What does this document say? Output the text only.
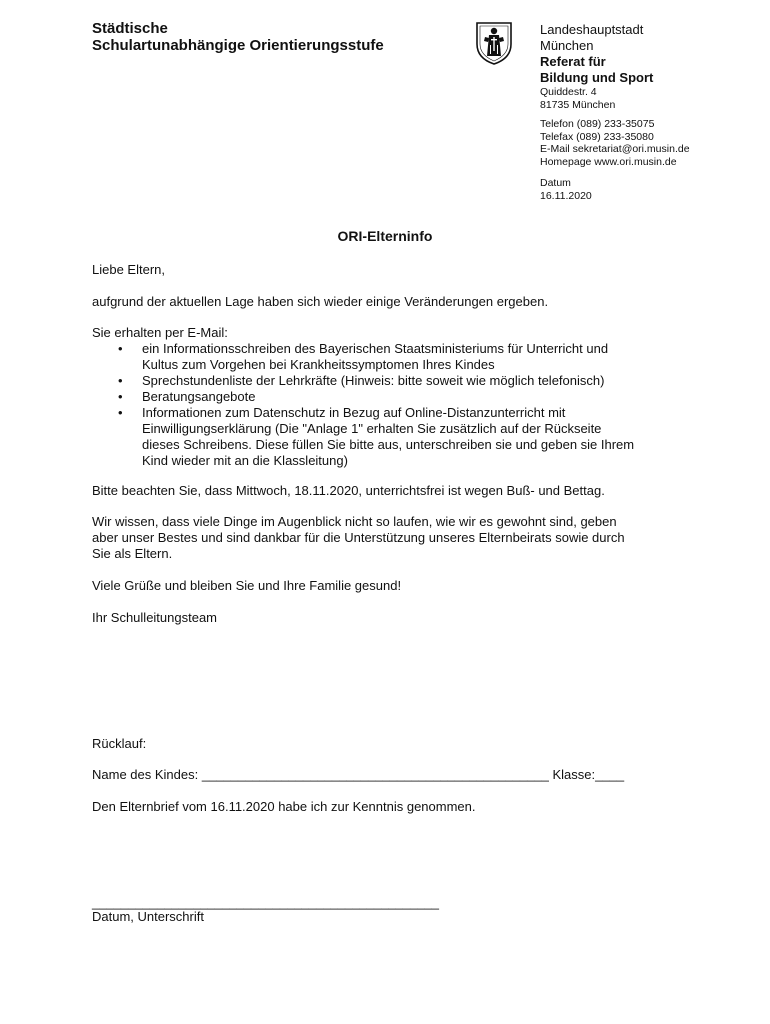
Städtische
Schulartunabhängige Orientierungsstufe
Landeshauptstadt
München
Referat für
Bildung und Sport
Quiddestr. 4
81735 München
Telefon (089) 233-35075
Telefax (089) 233-35080
E-Mail sekretariat@ori.musin.de
Homepage www.ori.musin.de
Datum
16.11.2020
ORI-Elterninfo
Liebe Eltern,
aufgrund der aktuellen Lage haben sich wieder einige Veränderungen ergeben.
Sie erhalten per E-Mail:
• ein Informationsschreiben des Bayerischen Staatsministeriums für Unterricht und
Kultus zum Vorgehen bei Krankheitssymptomen Ihres Kindes
• Sprechstundenliste der Lehrkräfte (Hinweis: bitte soweit wie möglich telefonisch)
• Beratungsangebote
• Informationen zum Datenschutz in Bezug auf Online-Distanzunterricht mit
Einwilligungserklärung (Die "Anlage 1" erhalten Sie zusätzlich auf der Rückseite
dieses Schreibens. Diese füllen Sie bitte aus, unterschreiben sie und geben sie Ihrem
Kind wieder mit an die Klassleitung)
Bitte beachten Sie, dass Mittwoch, 18.11.2020, unterrichtsfrei ist wegen Buß- und Bettag.
Wir wissen, dass viele Dinge im Augenblick nicht so laufen, wie wir es gewohnt sind, geben
aber unser Bestes und sind dankbar für die Unterstützung unseres Elternbeirats sowie durch
Sie als Eltern.
Viele Grüße und bleiben Sie und Ihre Familie gesund!
Ihr Schulleitungsteam
Rücklauf:
Name des Kindes: ________________________________________________ Klasse:____
Den Elternbrief vom 16.11.2020 habe ich zur Kenntnis genommen.
________________________________________________
Datum, Unterschrift
